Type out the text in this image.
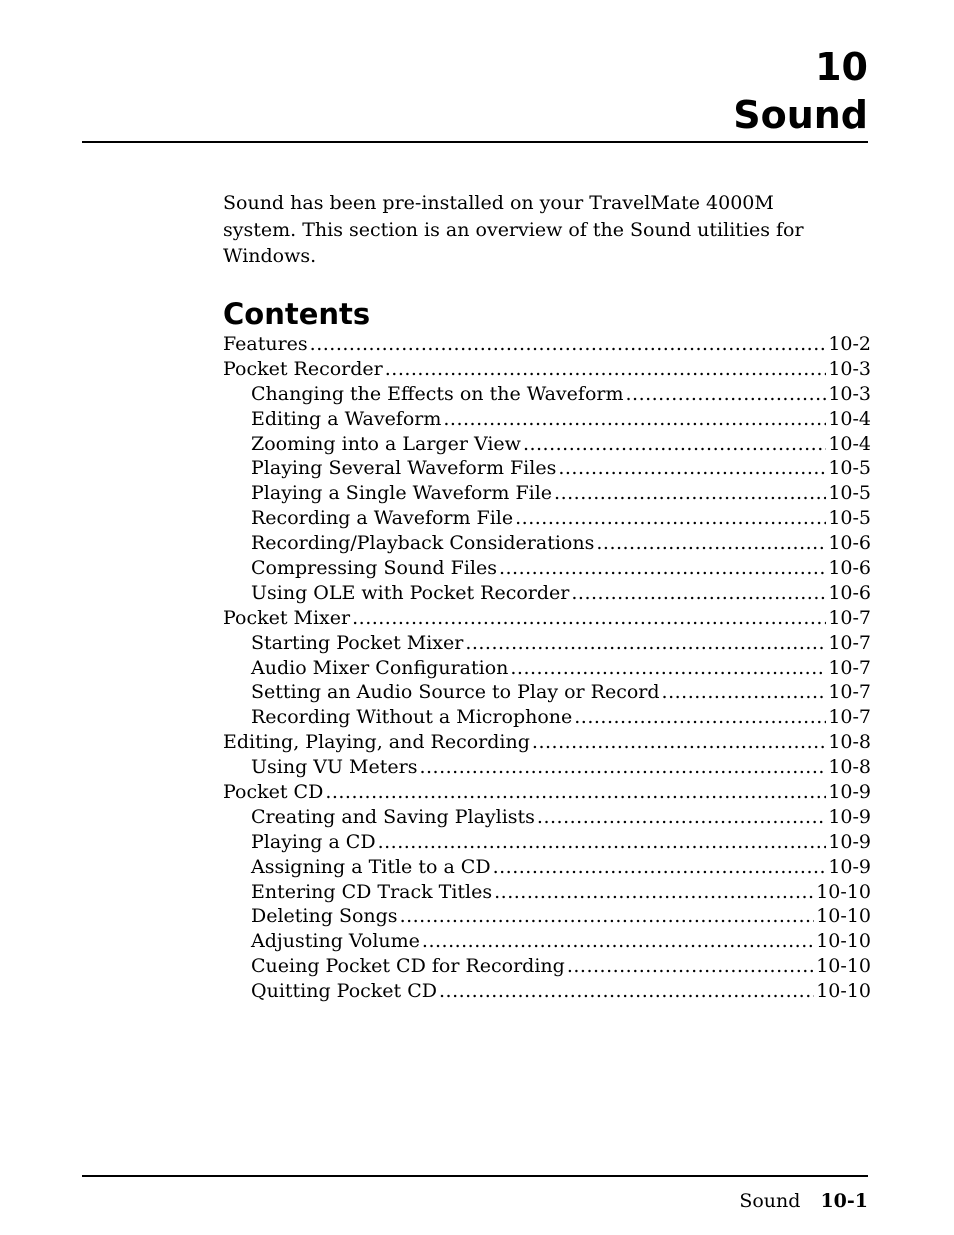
10
Sound

Sound has been pre-installed on your TravelMate 4000M system. This section is an overview of the Sound utilities for Windows.

Contents
Features .....	10-2
Pocket Recorder .....	10-3
Changing the Effects on the Waveform .....	10-3
Editing a Waveform .....	10-4
Zooming into a Larger View .....	10-4
Playing Several Waveform Files .....	10-5
Playing a Single Waveform File .....	10-5
Recording a Waveform File .....	10-5
Recording/Playback Considerations .....	10-6
Compressing Sound Files .....	10-6
Using OLE with Pocket Recorder .....	10-6
Pocket Mixer .....	10-7
Starting Pocket Mixer .....	10-7
Audio Mixer Configuration .....	10-7
Setting an Audio Source to Play or Record .....	10-7
Recording Without a Microphone .....	10-7
Editing, Playing, and Recording .....	10-8
Using VU Meters .....	10-8
Pocket CD .....	10-9
Creating and Saving Playlists .....	10-9
Playing a CD .....	10-9
Assigning a Title to a CD .....	10-9
Entering CD Track Titles .....	10-10
Deleting Songs .....	10-10
Adjusting Volume .....	10-10
Cueing Pocket CD for Recording .....	10-10
Quitting Pocket CD .....	10-10
Sound 10-1
